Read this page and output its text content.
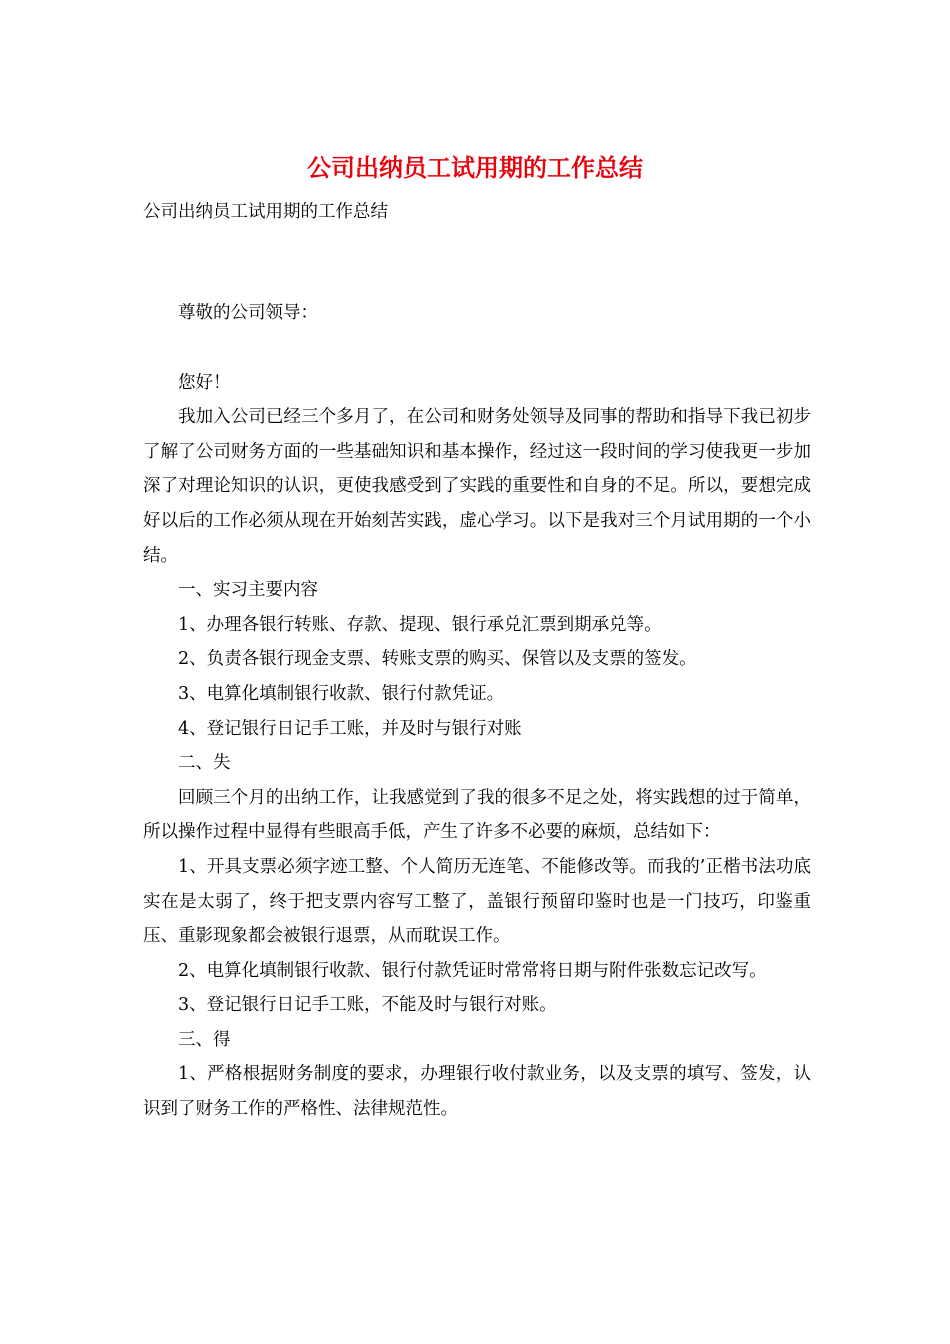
公司出纳员工试用期的工作总结
公司出纳员工试用期的工作总结

尊敬的公司领导：

您好！

我加入公司已经三个多月了，在公司和财务处领导及同事的帮助和指导下我已初步了解了公司财务方面的一些基础知识和基本操作，经过这一段时间的学习使我更一步加深了对理论知识的认识，更使我感受到了实践的重要性和自身的不足。所以，要想完成好以后的工作必须从现在开始刻苦实践，虚心学习。以下是我对三个月试用期的一个小结。

一、实习主要内容

1、办理各银行转账、存款、提现、银行承兑汇票到期承兑等。

2、负责各银行现金支票、转账支票的购买、保管以及支票的签发。

3、电算化填制银行收款、银行付款凭证。

4、登记银行日记手工账，并及时与银行对账

二、失

回顾三个月的出纳工作，让我感觉到了我的很多不足之处，将实践想的过于简单，所以操作过程中显得有些眼高手低，产生了许多不必要的麻烦，总结如下：

1、开具支票必须字迹工整、个人简历无连笔、不能修改等。而我的’正楷书法功底实在是太弱了，终于把支票内容写工整了，盖银行预留印鉴时也是一门技巧，印鉴重压、重影现象都会被银行退票，从而耽误工作。

2、电算化填制银行收款、银行付款凭证时常常将日期与附件张数忘记改写。

3、登记银行日记手工账，不能及时与银行对账。

三、得

1、严格根据财务制度的要求，办理银行收付款业务，以及支票的填写、签发，认识到了财务工作的严格性、法律规范性。
